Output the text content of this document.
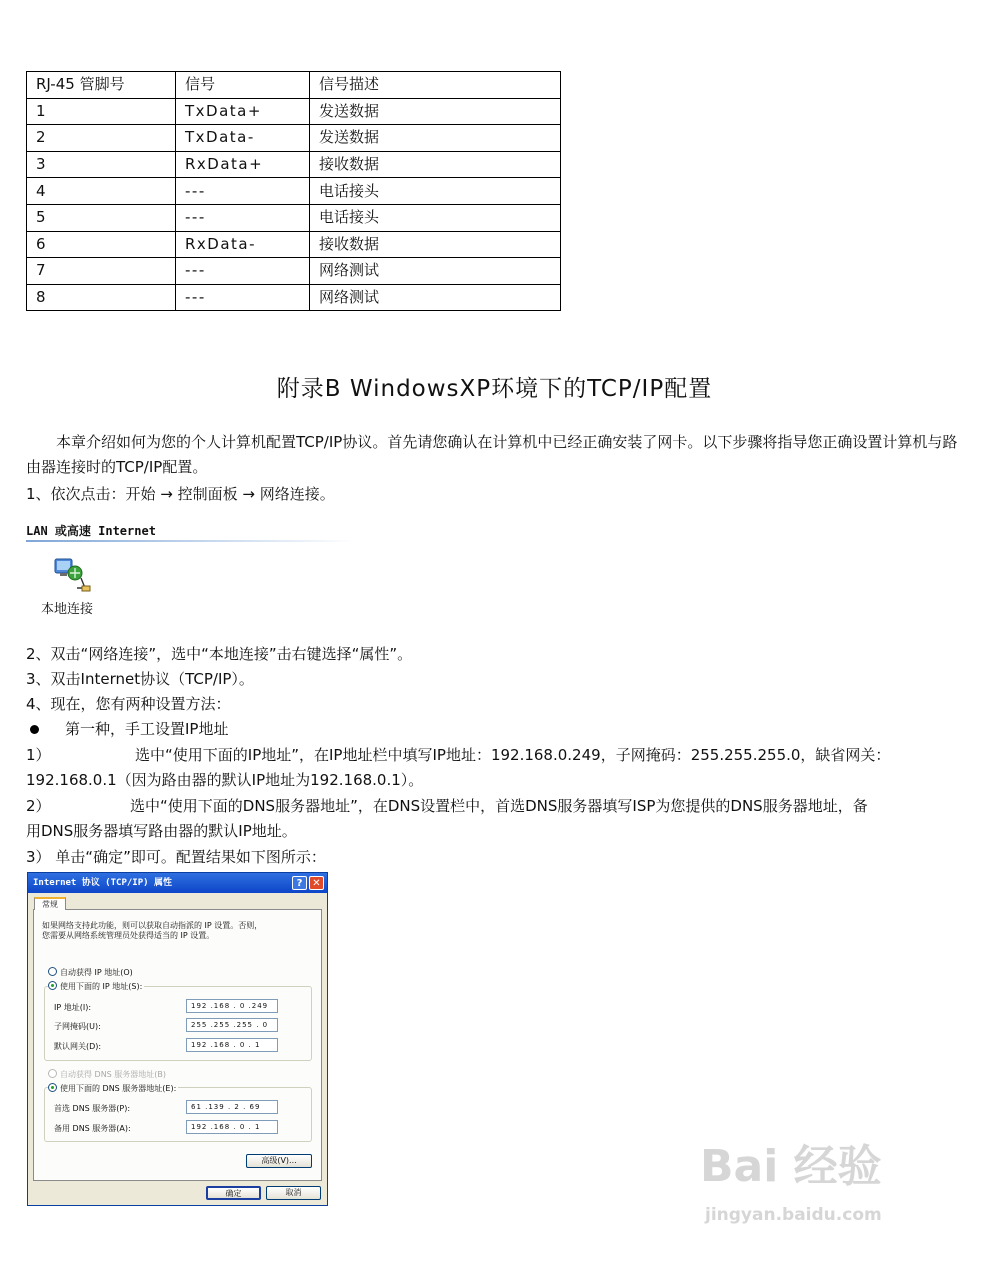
RJ-45 管脚号	信号	信号描述
1	TxData+	发送数据
2	TxData-	发送数据
3	RxData+	接收数据
4	---	电话接头
5	---	电话接头
6	RxData-	接收数据
7	---	网络测试
8	---	网络测试
附录B WindowsXP环境下的TCP/IP配置
本章介绍如何为您的个人计算机配置TCP/IP协议。首先请您确认在计算机中已经正确安装了网卡。以下步骤将指导您正确设置计算机与路由器连接时的TCP/IP配置。
1、依次点击：开始 → 控制面板 → 网络连接。
LAN 或高速 Internet
本地连接
2、双击“网络连接”，选中“本地连接”击右键选择“属性”。
3、双击Internet协议（TCP/IP）。
4、现在，您有两种设置方法：
第一种，手工设置IP地址
1）	选中“使用下面的IP地址”，在IP地址栏中填写IP地址：192.168.0.249，子网掩码：255.255.255.0，缺省网关：
192.168.0.1（因为路由器的默认IP地址为192.168.0.1）。
2）	选中“使用下面的DNS服务器地址”，在DNS设置栏中，首选DNS服务器填写ISP为您提供的DNS服务器地址，备
用DNS服务器填写路由器的默认IP地址。
3） 单击“确定”即可。配置结果如下图所示：
Internet 协议 (TCP/IP) 属性	? ✕
常规
如果网络支持此功能，则可以获取自动指派的 IP 设置。否则，
您需要从网络系统管理员处获得适当的 IP 设置。
自动获得 IP 地址(O)
使用下面的 IP 地址(S):
IP 地址(I):	192 .168 . 0 .249
子网掩码(U):	255 .255 .255 . 0
默认网关(D):	192 .168 . 0 . 1
自动获得 DNS 服务器地址(B)
使用下面的 DNS 服务器地址(E):
首选 DNS 服务器(P):	61 .139 . 2 . 69
备用 DNS 服务器(A):	192 .168 . 0 . 1
高级(V)...
确定	取消
Bai 经验
jingyan.baidu.com
